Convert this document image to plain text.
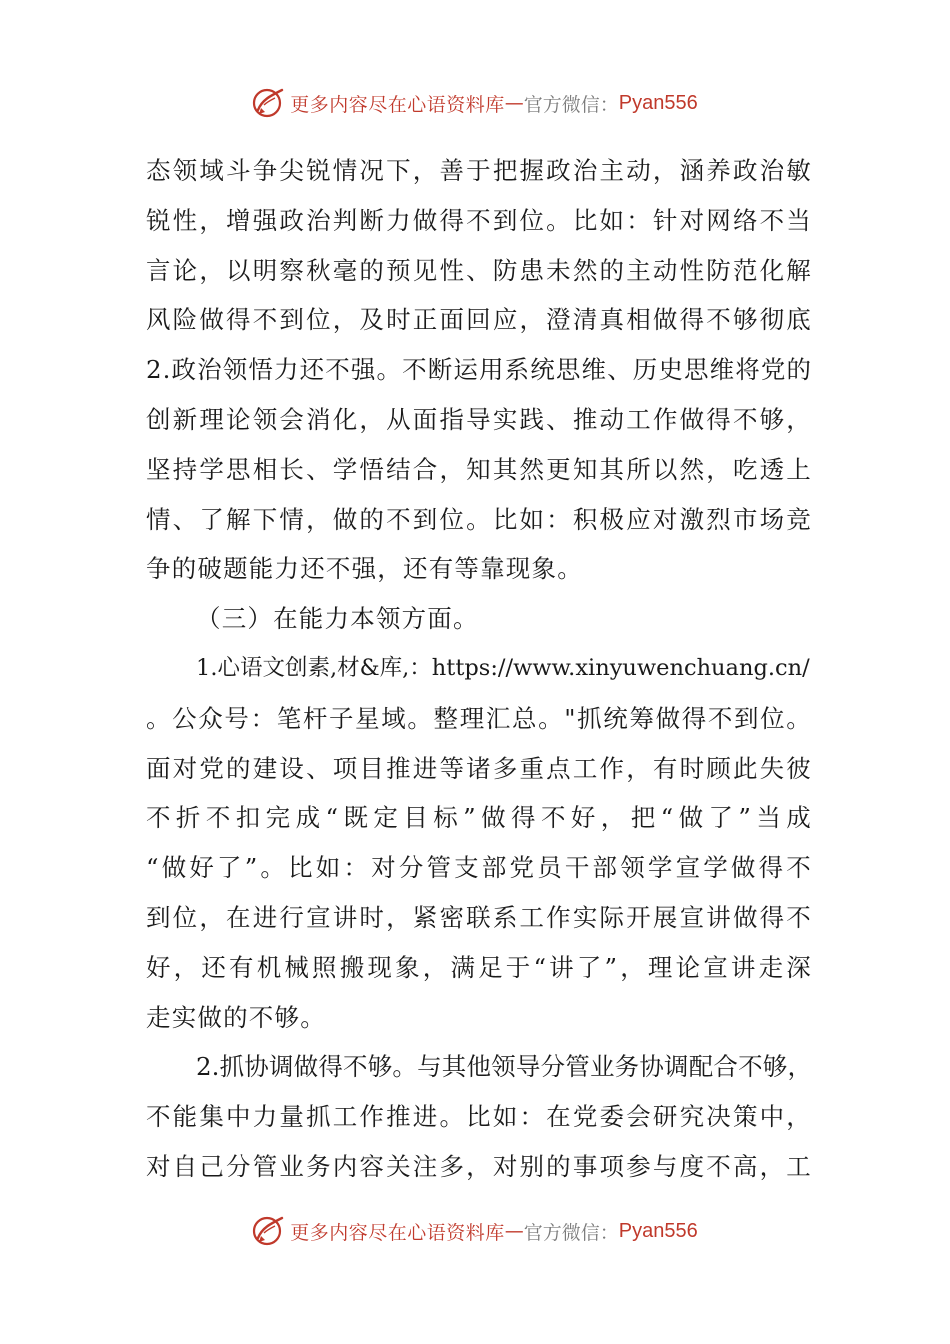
更多内容尽在心语资料库 — 官方微信： Pyan556
态领域斗争尖锐情况下，善于把握政治主动，涵养政治敏
锐性，增强政治判断力做得不到位。比如：针对网络不当
言论，以明察秋毫的预见性、防患未然的主动性防范化解
风险做得不到位，及时正面回应，澄清真相做得不够彻底
2.政治领悟力还不强。不断运用系统思维、历史思维将党的
创新理论领会消化，从面指导实践、推动工作做得不够，
坚持学思相长、学悟结合，知其然更知其所以然，吃透上
情、了解下情，做的不到位。比如：积极应对激烈市场竞
争的破题能力还不强，还有等靠现象。
（三）在能力本领方面。
1.心语文创素,材&库,：https://www.xinyuwenchuang.cn/
。公众号：笔杆子星域。整理汇总。"抓统筹做得不到位。
面对党的建设、项目推进等诸多重点工作，有时顾此失彼
不折不扣完成“既定目标”做得不好，把“做了”当成
“做好了”。比如：对分管支部党员干部领学宣学做得不
到位，在进行宣讲时，紧密联系工作实际开展宣讲做得不
好，还有机械照搬现象，满足于“讲了”，理论宣讲走深
走实做的不够。
2.抓协调做得不够。与其他领导分管业务协调配合不够，
不能集中力量抓工作推进。比如：在党委会研究决策中，
对自己分管业务内容关注多，对别的事项参与度不高，工
更多内容尽在心语资料库 — 官方微信： Pyan556
